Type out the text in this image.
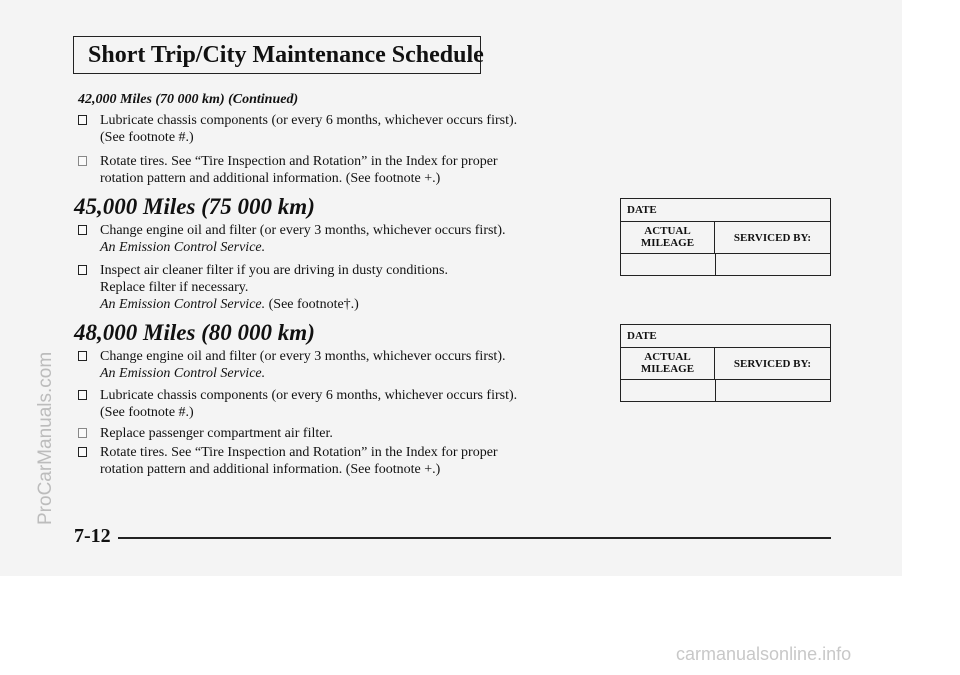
Short Trip/City Maintenance Schedule
42,000 Miles (70 000 km) (Continued)
Lubricate chassis components (or every 6 months, whichever occurs first).
(See footnote #.)
Rotate tires. See “Tire Inspection and Rotation” in the Index for proper
rotation pattern and additional information. (See footnote +.)
45,000 Miles (75 000 km)
Change engine oil and filter (or every 3 months, whichever occurs first).
An Emission Control Service.
Inspect air cleaner filter if you are driving in dusty conditions.
Replace filter if necessary.
An Emission Control Service. (See footnote†.)
48,000 Miles (80 000 km)
Change engine oil and filter (or every 3 months, whichever occurs first).
An Emission Control Service.
Lubricate chassis components (or every 6 months, whichever occurs first).
(See footnote #.)
Replace passenger compartment air filter.
Rotate tires. See “Tire Inspection and Rotation” in the Index for proper
rotation pattern and additional information. (See footnote +.)
DATE
ACTUAL
MILEAGE	SERVICED BY:
DATE
ACTUAL
MILEAGE	SERVICED BY:
7-12
ProCarManuals.com
carmanualsonline.info
